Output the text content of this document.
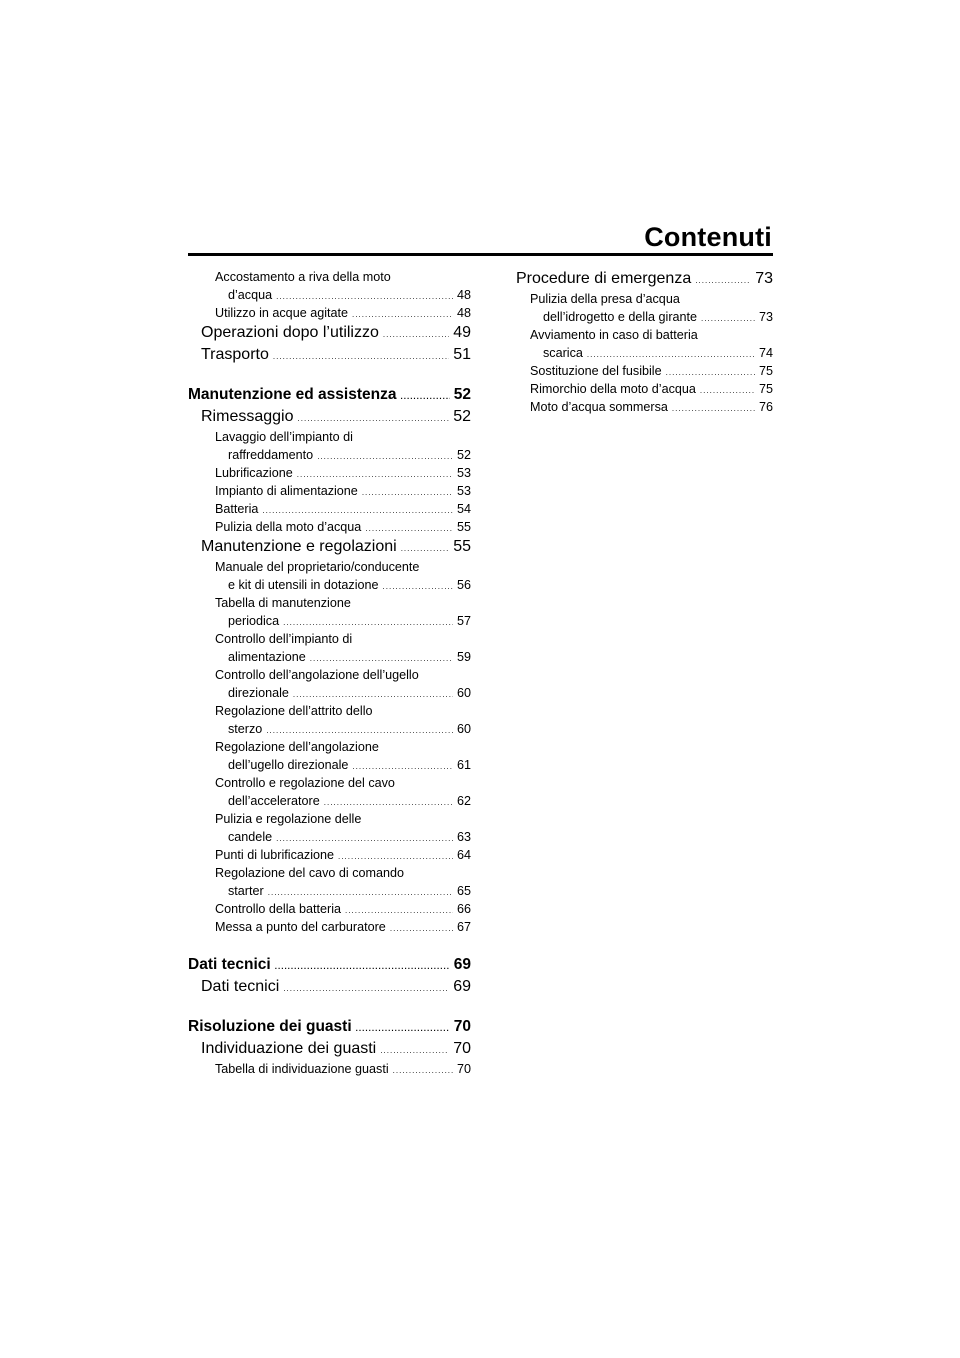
Contenuti
Accostamento a riva della moto
d’acqua . . .	48
Utilizzo in acque agitate . . .	48
Operazioni dopo l’utilizzo . . .	49
Trasporto . . .	51
Manutenzione ed assistenza . . .	52
Rimessaggio . . .	52
Lavaggio dell’impianto di
raffreddamento . . .	52
Lubrificazione . . .	53
Impianto di alimentazione . . .	53
Batteria . . .	54
Pulizia della moto d’acqua . . .	55
Manutenzione e regolazioni . . .	55
Manuale del proprietario/conducente
e kit di utensili in dotazione . . .	56
Tabella di manutenzione
periodica . . .	57
Controllo dell’impianto di
alimentazione . . .	59
Controllo dell’angolazione dell’ugello
direzionale . . .	60
Regolazione dell’attrito dello
sterzo . . .	60
Regolazione dell’angolazione
dell’ugello direzionale . . .	61
Controllo e regolazione del cavo
dell’acceleratore . . .	62
Pulizia e regolazione delle
candele . . .	63
Punti di lubrificazione . . .	64
Regolazione del cavo di comando
starter . . .	65
Controllo della batteria . . .	66
Messa a punto del carburatore . . .	67
Dati tecnici . . .	69
Dati tecnici . . .	69
Risoluzione dei guasti . . .	70
Individuazione dei guasti . . .	70
Tabella di individuazione guasti . . .	70
Procedure di emergenza . . .	73
Pulizia della presa d’acqua
dell’idrogetto e della girante . . .	73
Avviamento in caso di batteria
scarica . . .	74
Sostituzione del fusibile . . .	75
Rimorchio della moto d’acqua . . .	75
Moto d’acqua sommersa . . .	76
